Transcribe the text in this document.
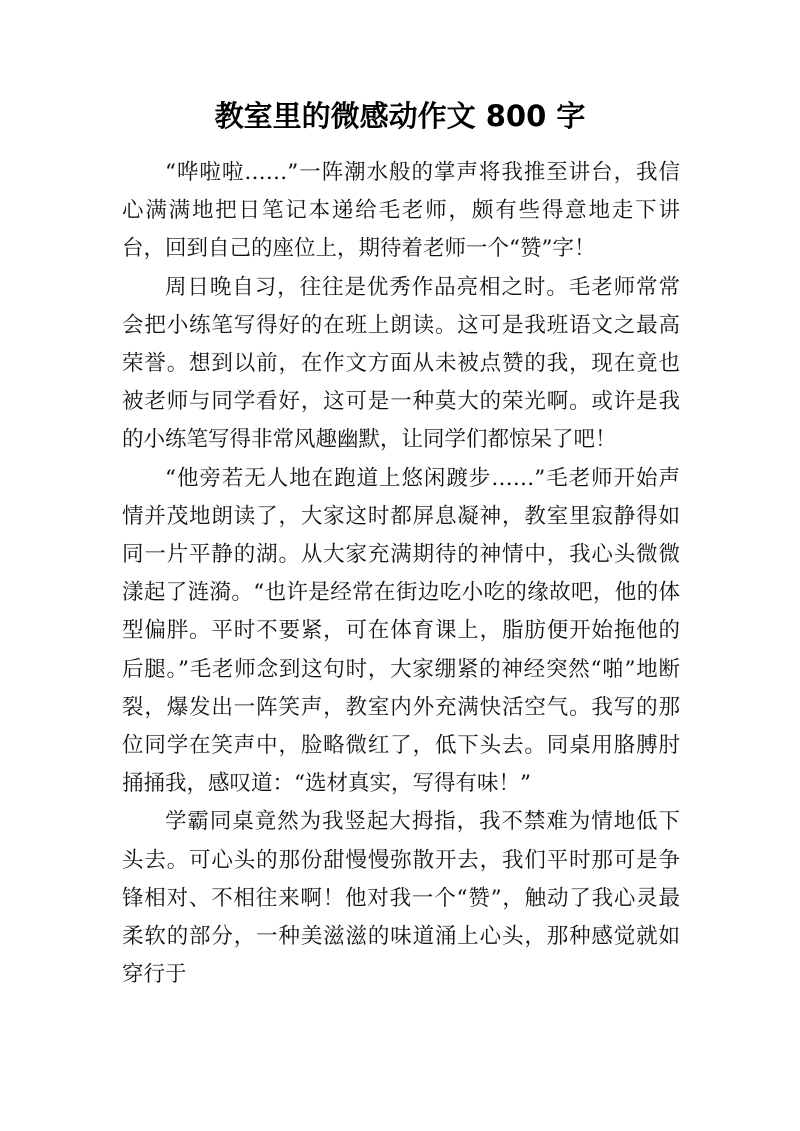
教室里的微感动作文 800 字

“哗啦啦……”一阵潮水般的掌声将我推至讲台，我信心满满地把日笔记本递给毛老师，颇有些得意地走下讲台，回到自己的座位上，期待着老师一个“赞”字！

周日晚自习，往往是优秀作品亮相之时。毛老师常常会把小练笔写得好的在班上朗读。这可是我班语文之最高荣誉。想到以前，在作文方面从未被点赞的我，现在竟也被老师与同学看好，这可是一种莫大的荣光啊。或许是我的小练笔写得非常风趣幽默，让同学们都惊呆了吧！

“他旁若无人地在跑道上悠闲踱步……”毛老师开始声情并茂地朗读了，大家这时都屏息凝神，教室里寂静得如同一片平静的湖。从大家充满期待的神情中，我心头微微漾起了涟漪。“也许是经常在街边吃小吃的缘故吧，他的体型偏胖。平时不要紧，可在体育课上，脂肪便开始拖他的后腿。”毛老师念到这句时，大家绷紧的神经突然“啪”地断裂，爆发出一阵笑声，教室内外充满快活空气。我写的那位同学在笑声中，脸略微红了，低下头去。同桌用胳膊肘捅捅我，感叹道：“选材真实，写得有味！”

学霸同桌竟然为我竖起大拇指，我不禁难为情地低下头去。可心头的那份甜慢慢弥散开去，我们平时那可是争锋相对、不相往来啊！他对我一个“赞”，触动了我心灵最柔软的部分，一种美滋滋的味道涌上心头，那种感觉就如穿行于
